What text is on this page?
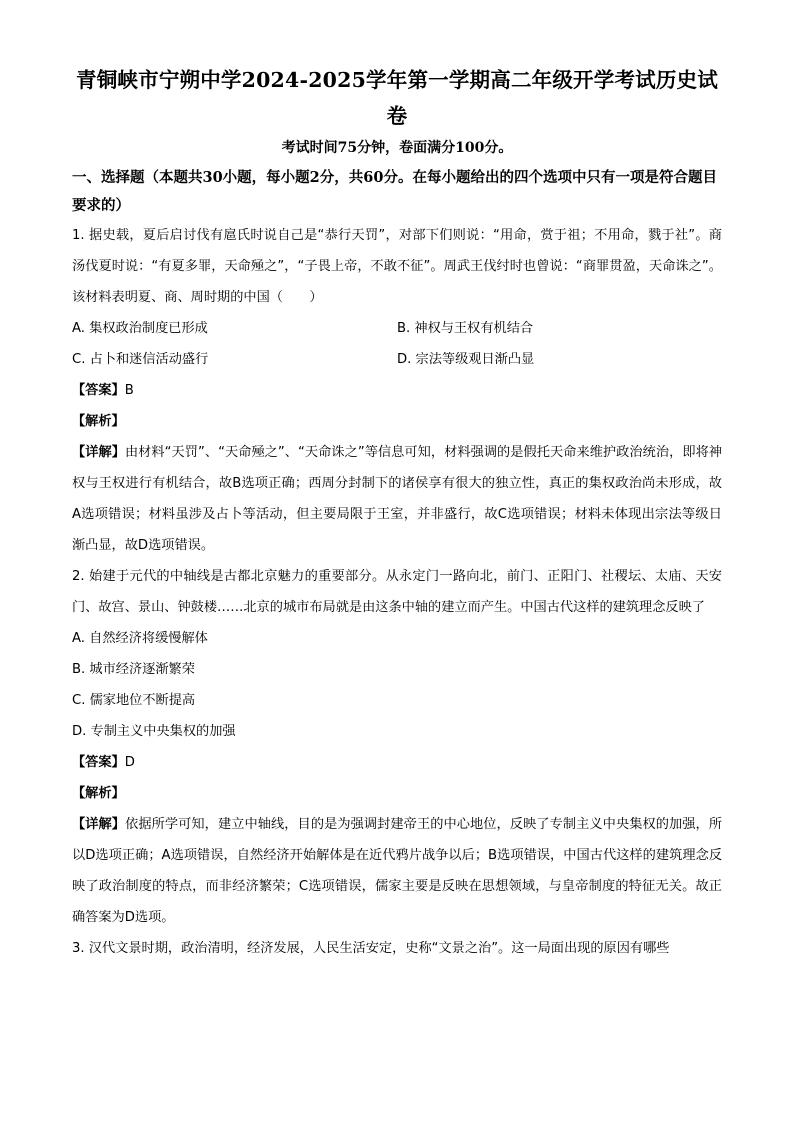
青铜峡市宁朔中学2024-2025学年第一学期高二年级开学考试历史试
卷
考试时间75分钟，卷面满分100分。
一、选择题（本题共30小题，每小题2分，共60分。在每小题给出的四个选项中只有一项是符合题目要求的）
1. 据史载，夏后启讨伐有扈氏时说自己是“恭行天罚”，对部下们则说：“用命，赏于祖；不用命，戮于社”。商汤伐夏时说：“有夏多罪，天命殛之”，“子畏上帝，不敢不征”。周武王伐纣时也曾说：“商罪贯盈，天命诛之”。该材料表明夏、商、周时期的中国（　　）
A. 集权政治制度已形成	B. 神权与王权有机结合
C. 占卜和迷信活动盛行	D. 宗法等级观日渐凸显
【答案】B
【解析】
【详解】由材料“天罚”、“天命殛之”、“天命诛之”等信息可知，材料强调的是假托天命来维护政治统治，即将神权与王权进行有机结合，故B选项正确；西周分封制下的诸侯享有很大的独立性，真正的集权政治尚未形成，故A选项错误；材料虽涉及占卜等活动，但主要局限于王室，并非盛行，故C选项错误；材料未体现出宗法等级日渐凸显，故D选项错误。
2. 始建于元代的中轴线是古都北京魅力的重要部分。从永定门一路向北，前门、正阳门、社稷坛、太庙、天安门、故宫、景山、钟鼓楼……北京的城市布局就是由这条中轴的建立而产生。中国古代这样的建筑理念反映了
A. 自然经济将缓慢解体
B. 城市经济逐渐繁荣
C. 儒家地位不断提高
D. 专制主义中央集权的加强
【答案】D
【解析】
【详解】依据所学可知，建立中轴线，目的是为强调封建帝王的中心地位，反映了专制主义中央集权的加强，所以D选项正确；A选项错误，自然经济开始解体是在近代鸦片战争以后；B选项错误，中国古代这样的建筑理念反映了政治制度的特点，而非经济繁荣；C选项错误，儒家主要是反映在思想领域，与皇帝制度的特征无关。故正确答案为D选项。
3. 汉代文景时期，政治清明，经济发展，人民生活安定，史称“文景之治”。这一局面出现的原因有哪些
